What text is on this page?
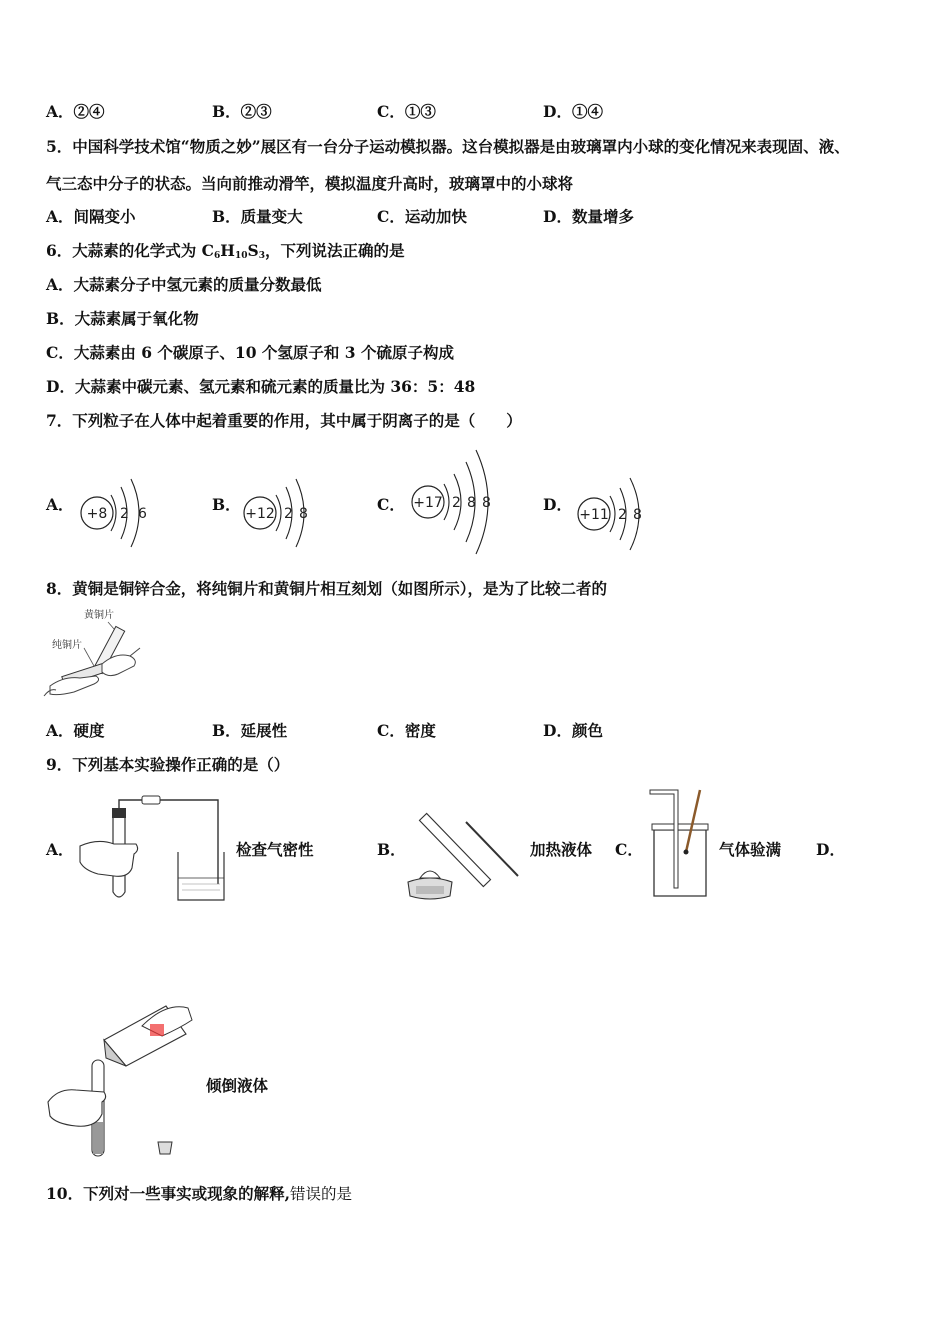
A．②④	B．②③	C．①③	D．①④
5．中国科学技术馆“物质之妙”展区有一台分子运动模拟器。这台模拟器是由玻璃罩内小球的变化情况来表现固、液、
气三态中分子的状态。当向前推动滑竿，模拟温度升高时，玻璃罩中的小球将
A．间隔变小	B．质量变大	C．运动加快	D．数量增多
6．大蒜素的化学式为 $C_6H_{10}S_3$，下列说法正确的是
A．大蒜素分子中氢元素的质量分数最低
B．大蒜素属于氧化物
C．大蒜素由 6 个碳原子、10 个氢原子和 3 个硫原子构成
D．大蒜素中碳元素、氢元素和硫元素的质量比为 36：5：48
7．下列粒子在人体中起着重要的作用，其中属于阴离子的是（　　）
A． +8 2 6	B． +12 2 8	C． +17 2 8 8	D．
+11 2 8
8．黄铜是铜锌合金，将纯铜片和黄铜片相互刻划（如图所示），是为了比较二者的
黄铜片
纯铜片
A．硬度	B．延展性	C．密度	D．颜色
9．下列基本实验操作正确的是（）
A．	检查气密性	B．	加热液体 C．	气体验满 D．
倾倒液体
10．下列对一些事实或现象的解释,错误的是
